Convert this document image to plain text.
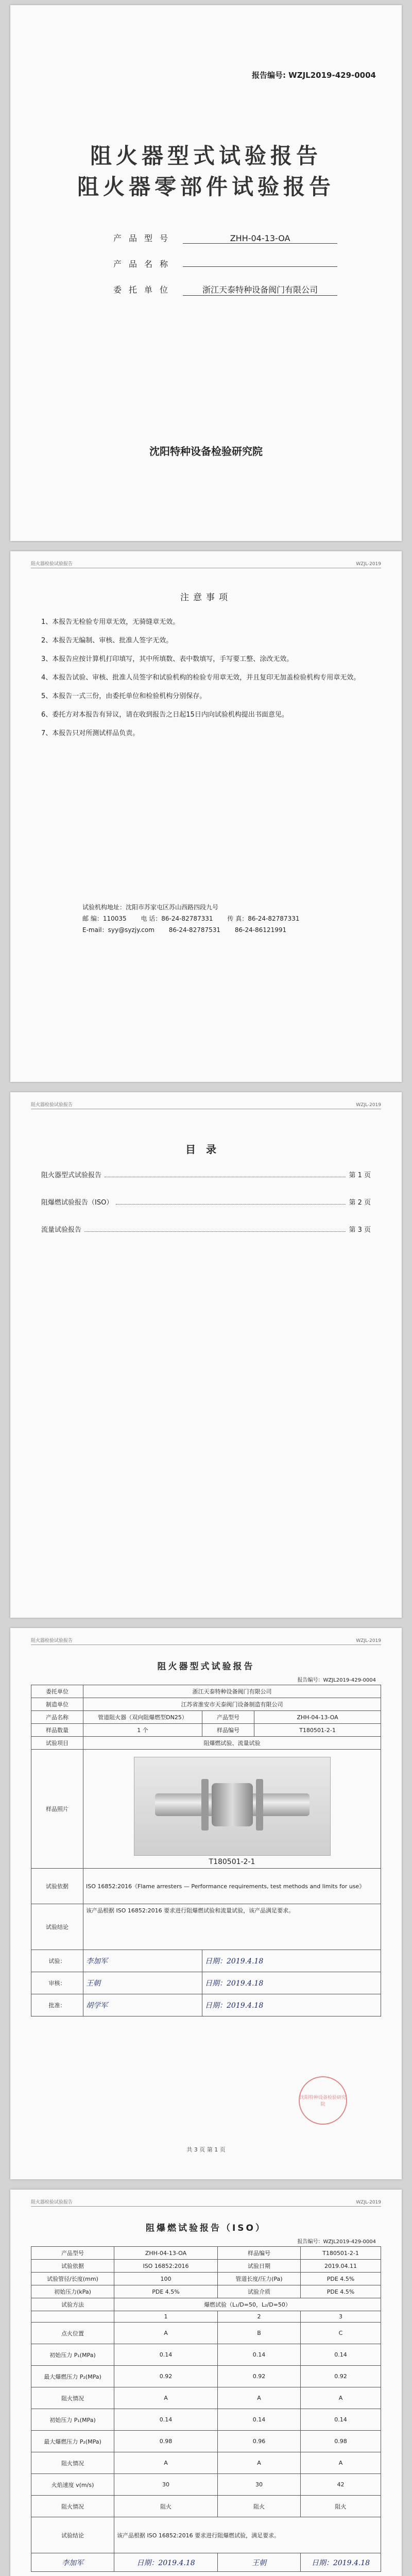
报告编号: WZJL2019-429-0004
阻火器型式试验报告
阻火器零部件试验报告
产品型号	ZHH-04-13-OA
产品名称
委托单位	浙江天泰特种设备阀门有限公司
沈阳特种设备检验研究院
阻火器检验试验报告	WZJL-2019
注意事项
1、本报告无检验专用章无效，无骑缝章无效。
2、本报告无编制、审核、批准人签字无效。
3、本报告应按计算机打印填写，其中所填数、表中数填写，手写要工整、涂改无效。
4、本报告试验、审核、批准人员签字和试验机构的检验专用章无效，并且复印无加盖检验机构专用章无效。
5、本报告一式三份，由委托单位和检验机构分别保存。
6、委托方对本报告有异议，请在收到报告之日起15日内向试验机构提出书面意见。
7、本报告只对所测试样品负责。
试验机构地址：沈阳市苏家屯区苏山西路四段九号
邮 编：110035 电 话：86-24-82787331 传 真：86-24-82787331
E-mail：syy@syzjy.com 86-24-82787531 86-24-86121991
阻火器检验试验报告	WZJL-2019
目录
阻火器型式试验报告	第 1 页
阻爆燃试验报告（ISO）	第 2 页
流量试验报告	第 3 页
阻火器检验试验报告	WZJL-2019
阻火器型式试验报告
报告编号：WZJL2019-429-0004
委托单位	浙江天泰特种设备阀门有限公司		
制造单位	江苏省淮安市天泰阀门设备制造有限公司		
产品名称	管道阻火器（双向阻爆燃型DN25）	产品型号	ZHH-04-13-OA
样品数量	1 个	样品编号	T180501-2-1
试验项目	阻爆燃试验、流量试验		
样品照片	T180501-2-1		

试验依据	ISO 16852:2016《Flame arresters — Performance requirements, test methods and limits for use》		
试验结论	该产品根据 ISO 16852:2016 要求进行阻爆燃试验和流量试验，该产品满足要求。		
试验：	李加军	日期：2019.4.18	
审核：	王朝	日期：2019.4.18	
批准：	胡学军	日期：2019.4.18	
沈阳特种设备检验研究院
共 3 页 第 1 页
阻火器检验试验报告	WZJL-2019
阻爆燃试验报告（ISO）
报告编号：WZJL2019-429-0004
产品型号	ZHH-04-13-OA	样品编号	T180501-2-1
试验依据	ISO 16852:2016	试验日期	2019.04.11
试验管径/长度(mm)	100	管道长度/压力(Pa)	PDE 4.5%
初始压力(kPa)	PDE 4.5%	试验介质	PDE 4.5%
试验方法	爆燃试验（L₁/D=50，L₂/D=50）		
	1	2	3
点火位置	A	B	C
初始压力 P₁(MPa)	0.14	0.14	0.14
最大爆燃压力 P₂(MPa)	0.92	0.92	0.92
阻火情况	A	A	A
初始压力 P₁(MPa)	0.14	0.14	0.14
最大爆燃压力 P₂(MPa)	0.98	0.96	0.98
阻火情况	A	A	A
火焰速度 v(m/s)	30	30	42
阻火情况	阻火	阻火	阻火
试验结论	该产品根据 ISO 16852:2016 要求进行阻爆燃试验，满足要求。		
李加军	日期：2019.4.18	王朝	日期：2019.4.18
